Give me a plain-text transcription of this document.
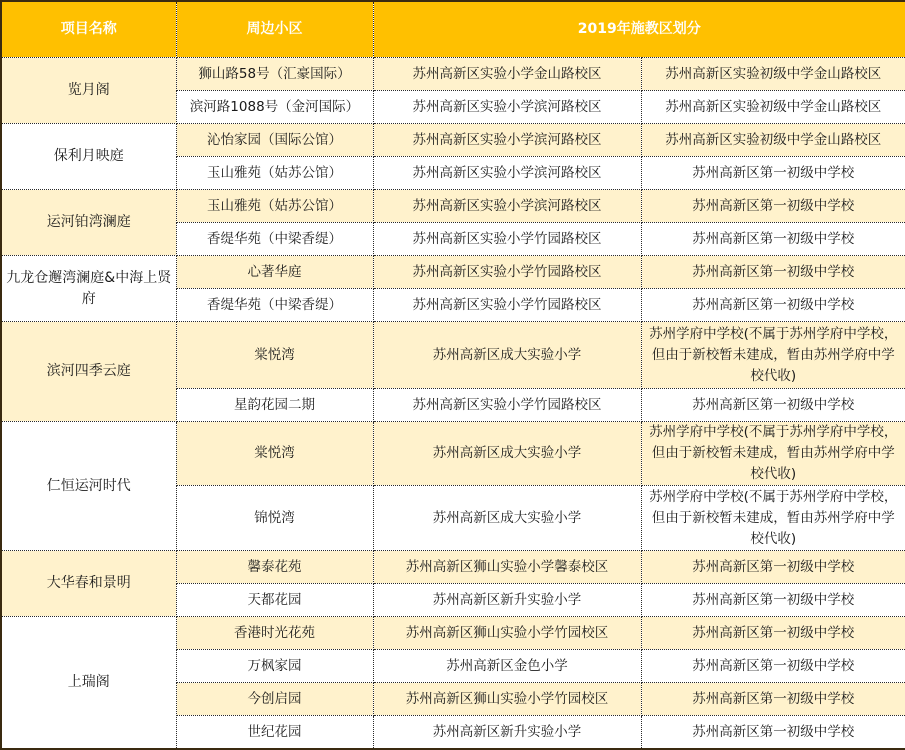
项目名称	周边小区	2019年施教区划分	
览月阁	狮山路58号（汇豪国际）	苏州高新区实验小学金山路校区	苏州高新区实验初级中学金山路校区
	滨河路1088号（金河国际）	苏州高新区实验小学滨河路校区	苏州高新区实验初级中学金山路校区
保利月映庭	沁怡家园（国际公馆）	苏州高新区实验小学滨河路校区	苏州高新区实验初级中学金山路校区
	玉山雅苑（姑苏公馆）	苏州高新区实验小学滨河路校区	苏州高新区第一初级中学校
运河铂湾澜庭	玉山雅苑（姑苏公馆）	苏州高新区实验小学滨河路校区	苏州高新区第一初级中学校
	香缇华苑（中梁香缇）	苏州高新区实验小学竹园路校区	苏州高新区第一初级中学校
九龙仓邂湾澜庭&中海上贤府	心著华庭	苏州高新区实验小学竹园路校区	苏州高新区第一初级中学校
	香缇华苑（中梁香缇）	苏州高新区实验小学竹园路校区	苏州高新区第一初级中学校
滨河四季云庭	棠悦湾	苏州高新区成大实验小学	苏州学府中学校(不属于苏州学府中学校，但由于新校暂未建成，暂由苏州学府中学校代收)
	星韵花园二期	苏州高新区实验小学竹园路校区	苏州高新区第一初级中学校
仁恒运河时代	棠悦湾	苏州高新区成大实验小学	苏州学府中学校(不属于苏州学府中学校，但由于新校暂未建成，暂由苏州学府中学校代收)
	锦悦湾	苏州高新区成大实验小学	苏州学府中学校(不属于苏州学府中学校，但由于新校暂未建成，暂由苏州学府中学校代收)
大华春和景明	馨泰花苑	苏州高新区狮山实验小学馨泰校区	苏州高新区第一初级中学校
	天都花园	苏州高新区新升实验小学	苏州高新区第一初级中学校
上瑞阁	香港时光花苑	苏州高新区狮山实验小学竹园校区	苏州高新区第一初级中学校
	万枫家园	苏州高新区金色小学	苏州高新区第一初级中学校
	今创启园	苏州高新区狮山实验小学竹园校区	苏州高新区第一初级中学校
	世纪花园	苏州高新区新升实验小学	苏州高新区第一初级中学校
